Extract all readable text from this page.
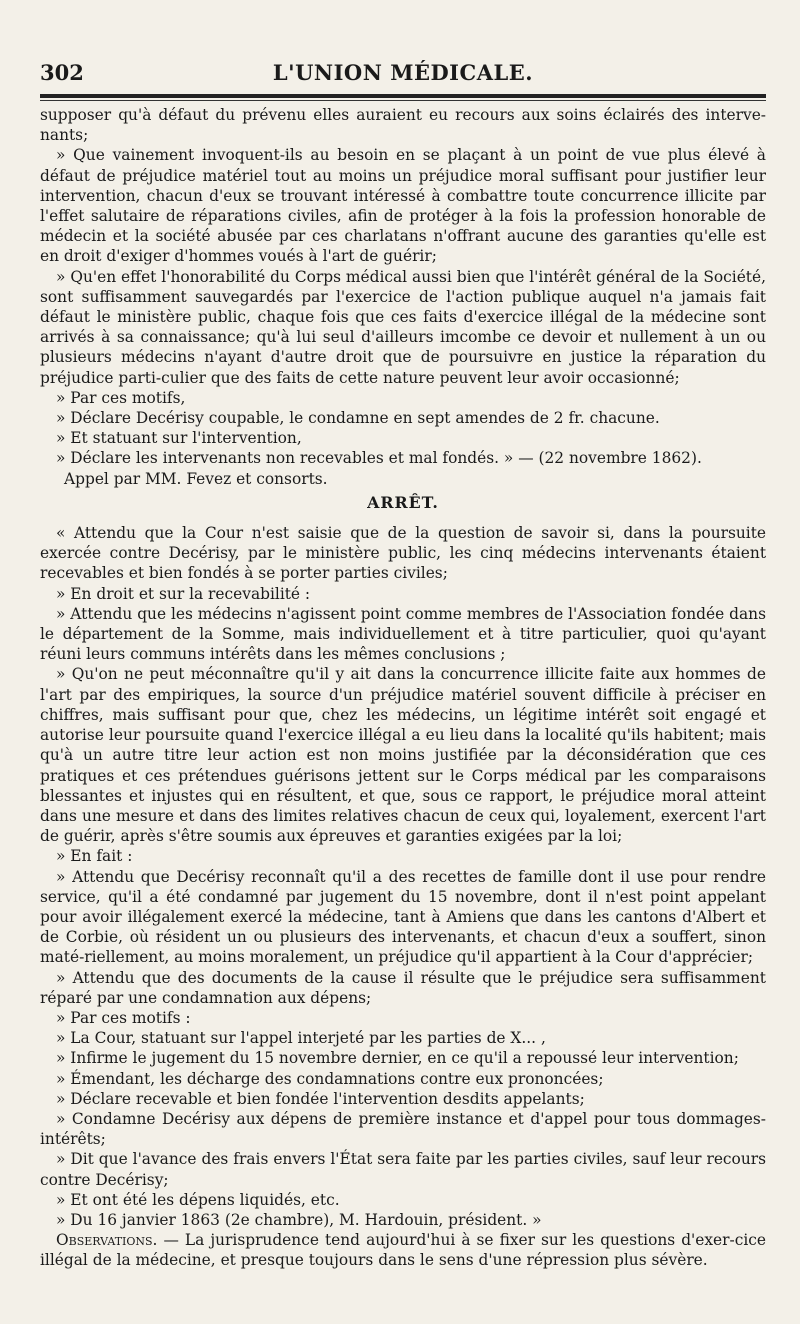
302	L'UNION MÉDICALE.

supposer qu'à défaut du prévenu elles auraient eu recours aux soins éclairés des interve-nants;

» Que vainement invoquent-ils au besoin en se plaçant à un point de vue plus élevé à défaut de préjudice matériel tout au moins un préjudice moral suffisant pour justifier leur intervention, chacun d'eux se trouvant intéressé à combattre toute concurrence illicite par l'effet salutaire de réparations civiles, afin de protéger à la fois la profession honorable de médecin et la société abusée par ces charlatans n'offrant aucune des garanties qu'elle est en droit d'exiger d'hommes voués à l'art de guérir;

» Qu'en effet l'honorabilité du Corps médical aussi bien que l'intérêt général de la Société, sont suffisamment sauvegardés par l'exercice de l'action publique auquel n'a jamais fait défaut le ministère public, chaque fois que ces faits d'exercice illégal de la médecine sont arrivés à sa connaissance; qu'à lui seul d'ailleurs imcombe ce devoir et nullement à un ou plusieurs médecins n'ayant d'autre droit que de poursuivre en justice la réparation du préjudice parti-culier que des faits de cette nature peuvent leur avoir occasionné;

» Par ces motifs,

» Déclare Decérisy coupable, le condamne en sept amendes de 2 fr. chacune.

» Et statuant sur l'intervention,

» Déclare les intervenants non recevables et mal fondés. » — (22 novembre 1862).

Appel par MM. Fevez et consorts.

ARRÊT.

« Attendu que la Cour n'est saisie que de la question de savoir si, dans la poursuite exercée contre Decérisy, par le ministère public, les cinq médecins intervenants étaient recevables et bien fondés à se porter parties civiles;

» En droit et sur la recevabilité :

» Attendu que les médecins n'agissent point comme membres de l'Association fondée dans le département de la Somme, mais individuellement et à titre particulier, quoi qu'ayant réuni leurs communs intérêts dans les mêmes conclusions ;

» Qu'on ne peut méconnaître qu'il y ait dans la concurrence illicite faite aux hommes de l'art par des empiriques, la source d'un préjudice matériel souvent difficile à préciser en chiffres, mais suffisant pour que, chez les médecins, un légitime intérêt soit engagé et autorise leur poursuite quand l'exercice illégal a eu lieu dans la localité qu'ils habitent; mais qu'à un autre titre leur action est non moins justifiée par la déconsidération que ces pratiques et ces prétendues guérisons jettent sur le Corps médical par les comparaisons blessantes et injustes qui en résultent, et que, sous ce rapport, le préjudice moral atteint dans une mesure et dans des limites relatives chacun de ceux qui, loyalement, exercent l'art de guérir, après s'être soumis aux épreuves et garanties exigées par la loi;

» En fait :

» Attendu que Decérisy reconnaît qu'il a des recettes de famille dont il use pour rendre service, qu'il a été condamné par jugement du 15 novembre, dont il n'est point appelant pour avoir illégalement exercé la médecine, tant à Amiens que dans les cantons d'Albert et de Corbie, où résident un ou plusieurs des intervenants, et chacun d'eux a souffert, sinon maté-riellement, au moins moralement, un préjudice qu'il appartient à la Cour d'apprécier;

» Attendu que des documents de la cause il résulte que le préjudice sera suffisamment réparé par une condamnation aux dépens;

» Par ces motifs :

» La Cour, statuant sur l'appel interjeté par les parties de X... ,

» Infirme le jugement du 15 novembre dernier, en ce qu'il a repoussé leur intervention;

» Émendant, les décharge des condamnations contre eux prononcées;

» Déclare recevable et bien fondée l'intervention desdits appelants;

» Condamne Decérisy aux dépens de première instance et d'appel pour tous dommages-intérêts;

» Dit que l'avance des frais envers l'État sera faite par les parties civiles, sauf leur recours contre Decérisy;

» Et ont été les dépens liquidés, etc.

» Du 16 janvier 1863 (2e chambre), M. Hardouin, président. »

Observations. — La jurisprudence tend aujourd'hui à se fixer sur les questions d'exer-cice illégal de la médecine, et presque toujours dans le sens d'une répression plus sévère.
